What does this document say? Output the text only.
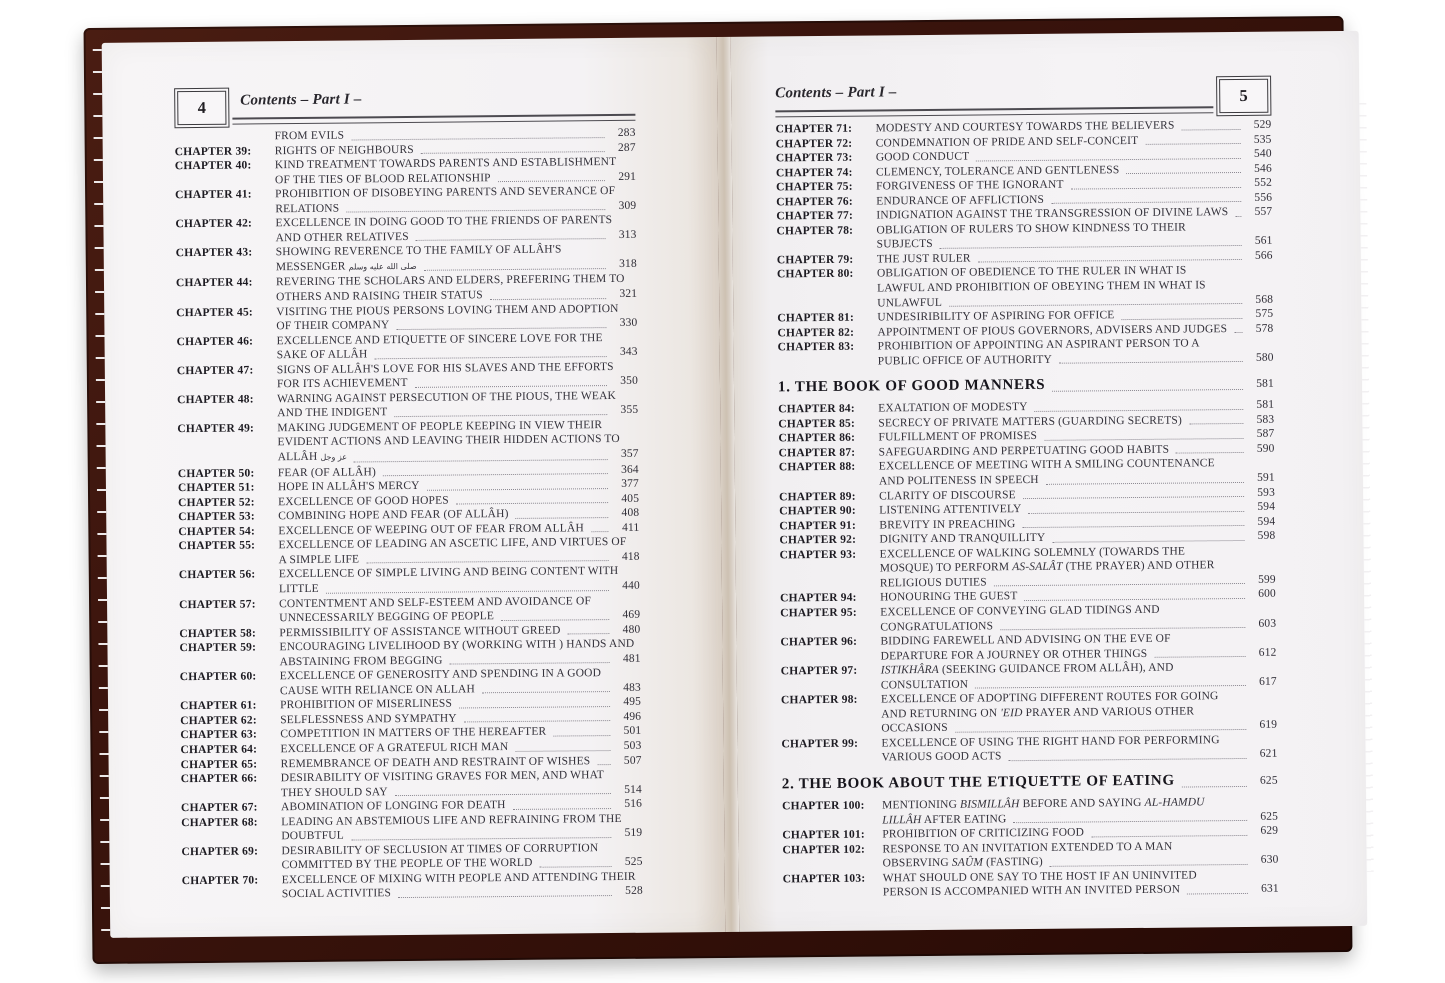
4 Contents – Part I –
FROM EVILS	283
CHAPTER 39:	RIGHTS OF NEIGHBOURS	287
CHAPTER 40:	KIND TREATMENT TOWARDS PARENTS AND ESTABLISHMENT
OF THE TIES OF BLOOD RELATIONSHIP	291
CHAPTER 41:	PROHIBITION OF DISOBEYING PARENTS AND SEVERANCE OF
RELATIONS	309
CHAPTER 42:	EXCELLENCE IN DOING GOOD TO THE FRIENDS OF PARENTS
AND OTHER RELATIVES	313
CHAPTER 43:	SHOWING REVERENCE TO THE FAMILY OF ALLÂH'S
MESSENGER صلى الله عليه وسلم	318
CHAPTER 44:	REVERING THE SCHOLARS AND ELDERS, PREFERING THEM TO
OTHERS AND RAISING THEIR STATUS	321
CHAPTER 45:	VISITING THE PIOUS PERSONS LOVING THEM AND ADOPTION
OF THEIR COMPANY	330
CHAPTER 46:	EXCELLENCE AND ETIQUETTE OF SINCERE LOVE FOR THE
SAKE OF ALLÂH	343
CHAPTER 47:	SIGNS OF ALLÂH'S LOVE FOR HIS SLAVES AND THE EFFORTS
FOR ITS ACHIEVEMENT	350
CHAPTER 48:	WARNING AGAINST PERSECUTION OF THE PIOUS, THE WEAK
AND THE INDIGENT	355
CHAPTER 49:	MAKING JUDGEMENT OF PEOPLE KEEPING IN VIEW THEIR
EVIDENT ACTIONS AND LEAVING THEIR HIDDEN ACTIONS TO
ALLÂH عز وجل	357
CHAPTER 50:	FEAR (OF ALLÂH)	364
CHAPTER 51:	HOPE IN ALLÂH'S MERCY	377
CHAPTER 52:	EXCELLENCE OF GOOD HOPES	405
CHAPTER 53:	COMBINING HOPE AND FEAR (OF ALLÂH)	408
CHAPTER 54:	EXCELLENCE OF WEEPING OUT OF FEAR FROM ALLÂH	411
CHAPTER 55:	EXCELLENCE OF LEADING AN ASCETIC LIFE, AND VIRTUES OF
A SIMPLE LIFE	418
CHAPTER 56:	EXCELLENCE OF SIMPLE LIVING AND BEING CONTENT WITH
LITTLE	440
CHAPTER 57:	CONTENTMENT AND SELF-ESTEEM AND AVOIDANCE OF
UNNECESSARILY BEGGING OF PEOPLE	469
CHAPTER 58:	PERMISSIBILITY OF ASSISTANCE WITHOUT GREED	480
CHAPTER 59:	ENCOURAGING LIVELIHOOD BY (WORKING WITH ) HANDS AND
ABSTAINING FROM BEGGING	481
CHAPTER 60:	EXCELLENCE OF GENEROSITY AND SPENDING IN A GOOD
CAUSE WITH RELIANCE ON ALLAH	483
CHAPTER 61:	PROHIBITION OF MISERLINESS	495
CHAPTER 62:	SELFLESSNESS AND SYMPATHY	496
CHAPTER 63:	COMPETITION IN MATTERS OF THE HEREAFTER	501
CHAPTER 64:	EXCELLENCE OF A GRATEFUL RICH MAN	503
CHAPTER 65:	REMEMBRANCE OF DEATH AND RESTRAINT OF WISHES	507
CHAPTER 66:	DESIRABILITY OF VISITING GRAVES FOR MEN, AND WHAT
THEY SHOULD SAY	514
CHAPTER 67:	ABOMINATION OF LONGING FOR DEATH	516
CHAPTER 68:	LEADING AN ABSTEMIOUS LIFE AND REFRAINING FROM THE
DOUBTFUL	519
CHAPTER 69:	DESIRABILITY OF SECLUSION AT TIMES OF CORRUPTION
COMMITTED BY THE PEOPLE OF THE WORLD	525
CHAPTER 70:	EXCELLENCE OF MIXING WITH PEOPLE AND ATTENDING THEIR
SOCIAL ACTIVITIES	528
Contents – Part I –	5
CHAPTER 71:	MODESTY AND COURTESY TOWARDS THE BELIEVERS	529
CHAPTER 72:	CONDEMNATION OF PRIDE AND SELF-CONCEIT	535
CHAPTER 73:	GOOD CONDUCT	540
CHAPTER 74:	CLEMENCY, TOLERANCE AND GENTLENESS	546
CHAPTER 75:	FORGIVENESS OF THE IGNORANT	552
CHAPTER 76:	ENDURANCE OF AFFLICTIONS	556
CHAPTER 77:	INDIGNATION AGAINST THE TRANSGRESSION OF DIVINE LAWS	557
CHAPTER 78:	OBLIGATION OF RULERS TO SHOW KINDNESS TO THEIR
SUBJECTS	561
CHAPTER 79:	THE JUST RULER	566
CHAPTER 80:	OBLIGATION OF OBEDIENCE TO THE RULER IN WHAT IS
LAWFUL AND PROHIBITION OF OBEYING THEM IN WHAT IS
UNLAWFUL	568
CHAPTER 81:	UNDESIRIBILITY OF ASPIRING FOR OFFICE	575
CHAPTER 82:	APPOINTMENT OF PIOUS GOVERNORS, ADVISERS AND JUDGES	578
CHAPTER 83:	PROHIBITION OF APPOINTING AN ASPIRANT PERSON TO A
PUBLIC OFFICE OF AUTHORITY	580
1. THE BOOK OF GOOD MANNERS	581
CHAPTER 84:	EXALTATION OF MODESTY	581
CHAPTER 85:	SECRECY OF PRIVATE MATTERS (GUARDING SECRETS)	583
CHAPTER 86:	FULFILLMENT OF PROMISES	587
CHAPTER 87:	SAFEGUARDING AND PERPETUATING GOOD HABITS	590
CHAPTER 88:	EXCELLENCE OF MEETING WITH A SMILING COUNTENANCE
AND POLITENESS IN SPEECH	591
CHAPTER 89:	CLARITY OF DISCOURSE	593
CHAPTER 90:	LISTENING ATTENTIVELY	594
CHAPTER 91:	BREVITY IN PREACHING	594
CHAPTER 92:	DIGNITY AND TRANQUILLITY	598
CHAPTER 93:	EXCELLENCE OF WALKING SOLEMNLY (TOWARDS THE
MOSQUE) TO PERFORM AS-SALÂT (THE PRAYER) AND OTHER
RELIGIOUS DUTIES	599
CHAPTER 94:	HONOURING THE GUEST	600
CHAPTER 95:	EXCELLENCE OF CONVEYING GLAD TIDINGS AND
CONGRATULATIONS	603
CHAPTER 96:	BIDDING FAREWELL AND ADVISING ON THE EVE OF
DEPARTURE FOR A JOURNEY OR OTHER THINGS	612
CHAPTER 97:	ISTIKHÂRA (SEEKING GUIDANCE FROM ALLÂH), AND
CONSULTATION	617
CHAPTER 98:	EXCELLENCE OF ADOPTING DIFFERENT ROUTES FOR GOING
AND RETURNING ON 'EID PRAYER AND VARIOUS OTHER
OCCASIONS	619
CHAPTER 99:	EXCELLENCE OF USING THE RIGHT HAND FOR PERFORMING
VARIOUS GOOD ACTS	621
2. THE BOOK ABOUT THE ETIQUETTE OF EATING	625
CHAPTER 100:	MENTIONING BISMILLÂH BEFORE AND SAYING AL-HAMDU
LILLÂH AFTER EATING	625
CHAPTER 101:	PROHIBITION OF CRITICIZING FOOD	629
CHAPTER 102:	RESPONSE TO AN INVITATION EXTENDED TO A MAN
OBSERVING SAÛM (FASTING)	630
CHAPTER 103:	WHAT SHOULD ONE SAY TO THE HOST IF AN UNINVITED
PERSON IS ACCOMPANIED WITH AN INVITED PERSON	631
